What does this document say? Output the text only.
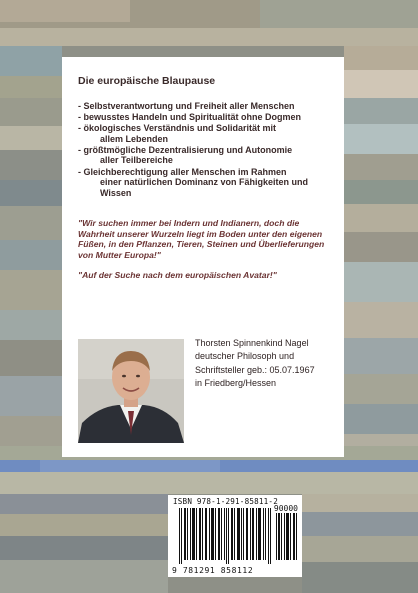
Die europäische Blaupause
- Selbstverantwortung und Freiheit aller Menschen
- bewusstes Handeln und Spiritualität ohne Dogmen
- ökologisches Verständnis und Solidarität mit
allem Lebenden
- größtmögliche Dezentralisierung und Autonomie
aller Teilbereiche
- Gleichberechtigung aller Menschen im Rahmen
einer natürlichen Dominanz von Fähigkeiten und Wissen
"Wir suchen immer bei Indern und Indianern, doch die Wahrheit unserer Wurzeln liegt im Boden unter den eigenen Füßen, in den Pflanzen, Tieren, Steinen und Überlieferungen von Mutter Europa!"
"Auf der Suche nach dem europäischen Avatar!"
Thorsten Spinnenkind Nagel
deutscher Philosoph und
Schriftsteller geb.: 05.07.1967
in Friedberg/Hessen
ISBN 978-1-291-85811-2
90000
9 781291 858112
